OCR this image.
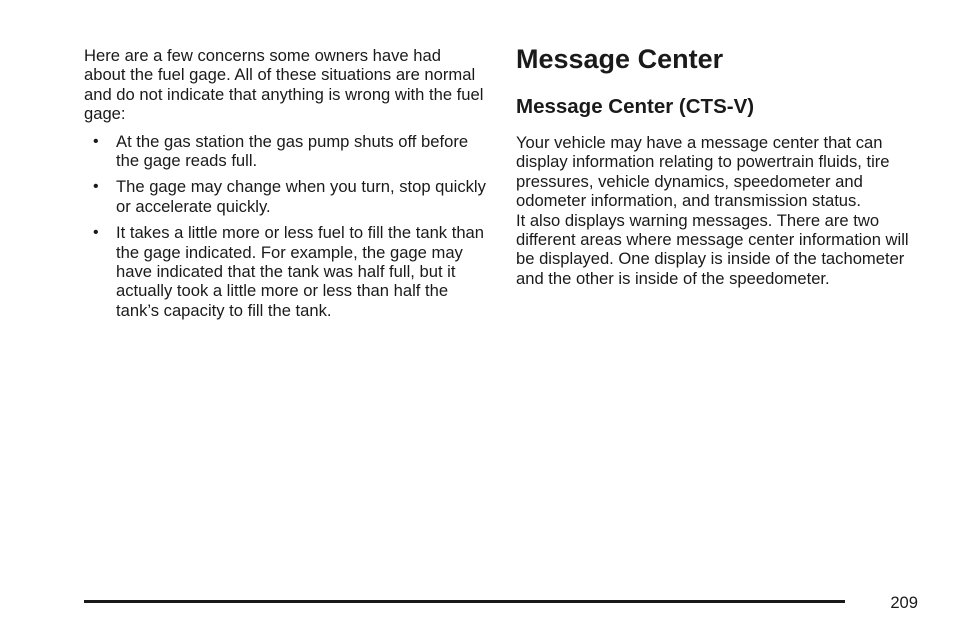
Here are a few concerns some owners have had about the fuel gage. All of these situations are normal and do not indicate that anything is wrong with the fuel gage:

• At the gas station the gas pump shuts off before the gage reads full.
• The gage may change when you turn, stop quickly or accelerate quickly.
• It takes a little more or less fuel to fill the tank than the gage indicated. For example, the gage may have indicated that the tank was half full, but it actually took a little more or less than half the tank’s capacity to fill the tank.
Message Center
Message Center (CTS-V)

Your vehicle may have a message center that can display information relating to powertrain fluids, tire pressures, vehicle dynamics, speedometer and odometer information, and transmission status.
It also displays warning messages. There are two different areas where message center information will be displayed. One display is inside of the tachometer and the other is inside of the speedometer.

209
